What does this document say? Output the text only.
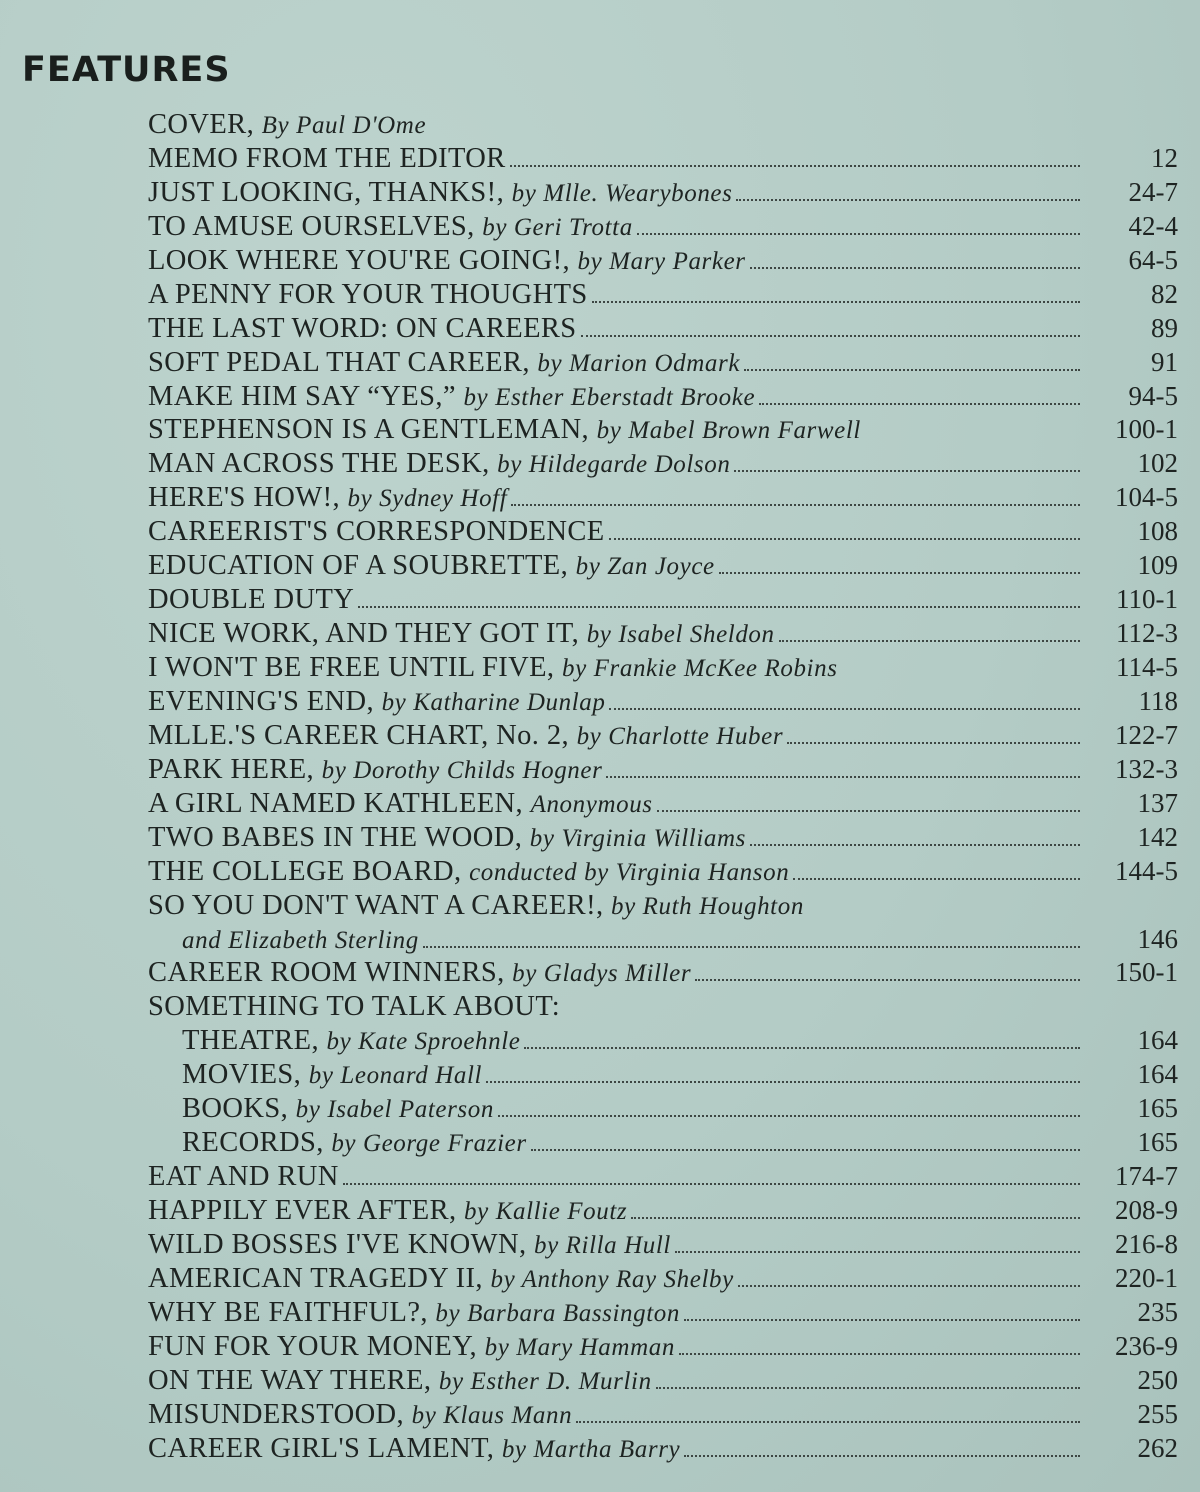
FEATURES
COVER, By Paul D'Ome
MEMO FROM THE EDITOR	12
JUST LOOKING, THANKS!, by Mlle. Wearybones	24-7
TO AMUSE OURSELVES, by Geri Trotta	42-4
LOOK WHERE YOU'RE GOING!, by Mary Parker	64-5
A PENNY FOR YOUR THOUGHTS	82
THE LAST WORD: ON CAREERS	89
SOFT PEDAL THAT CAREER, by Marion Odmark	91
MAKE HIM SAY “YES,” by Esther Eberstadt Brooke	94-5
STEPHENSON IS A GENTLEMAN, by Mabel Brown Farwell	100-1
MAN ACROSS THE DESK, by Hildegarde Dolson	102
HERE'S HOW!, by Sydney Hoff	104-5
CAREERIST'S CORRESPONDENCE	108
EDUCATION OF A SOUBRETTE, by Zan Joyce	109
DOUBLE DUTY	110-1
NICE WORK, AND THEY GOT IT, by Isabel Sheldon	112-3
I WON'T BE FREE UNTIL FIVE, by Frankie McKee Robins	114-5
EVENING'S END, by Katharine Dunlap	118
MLLE.'S CAREER CHART, No. 2, by Charlotte Huber	122-7
PARK HERE, by Dorothy Childs Hogner	132-3
A GIRL NAMED KATHLEEN, Anonymous	137
TWO BABES IN THE WOOD, by Virginia Williams	142
THE COLLEGE BOARD, conducted by Virginia Hanson	144-5
SO YOU DON'T WANT A CAREER!, by Ruth Houghton
and Elizabeth Sterling	146
CAREER ROOM WINNERS, by Gladys Miller	150-1
SOMETHING TO TALK ABOUT:
THEATRE, by Kate Sproehnle	164
MOVIES, by Leonard Hall	164
BOOKS, by Isabel Paterson	165
RECORDS, by George Frazier	165
EAT AND RUN	174-7
HAPPILY EVER AFTER, by Kallie Foutz	208-9
WILD BOSSES I'VE KNOWN, by Rilla Hull	216-8
AMERICAN TRAGEDY II, by Anthony Ray Shelby	220-1
WHY BE FAITHFUL?, by Barbara Bassington	235
FUN FOR YOUR MONEY, by Mary Hamman	236-9
ON THE WAY THERE, by Esther D. Murlin	250
MISUNDERSTOOD, by Klaus Mann	255
CAREER GIRL'S LAMENT, by Martha Barry	262
